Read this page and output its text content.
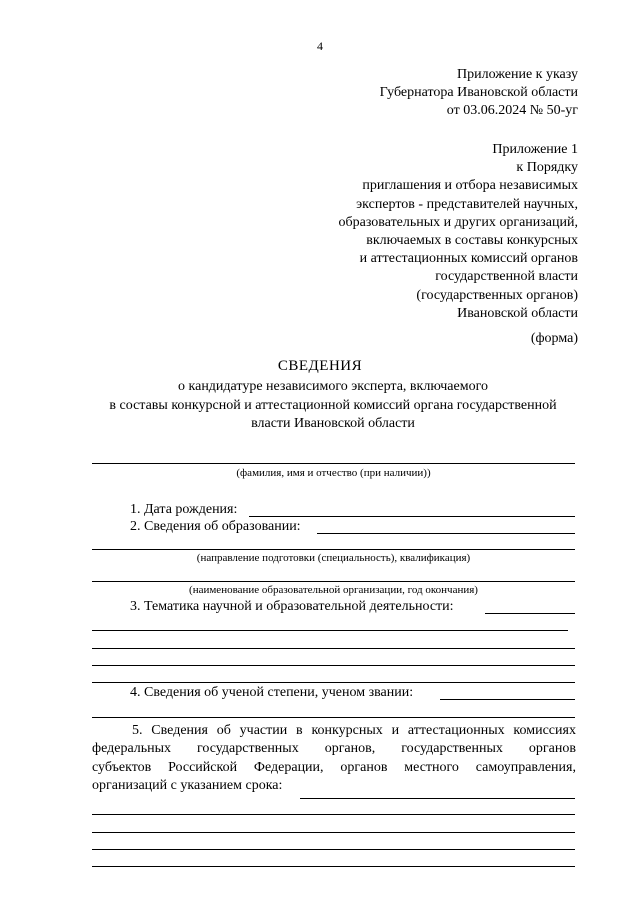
4
Приложение к указу
Губернатора Ивановской области
от 03.06.2024 № 50-уг
Приложение 1
к Порядку
приглашения и отбора независимых
экспертов - представителей научных,
образовательных и других организаций,
включаемых в составы конкурсных
и аттестационных комиссий органов
государственной власти
(государственных органов)
Ивановской области
(форма)
СВЕДЕНИЯ
о кандидатуре независимого эксперта, включаемого
в составы конкурсной и аттестационной комиссий органа государственной
власти Ивановской области
(фамилия, имя и отчество (при наличии))
1. Дата рождения:
2. Сведения об образовании:
(направление подготовки (специальность), квалификация)
(наименование образовательной организации, год окончания)
3. Тематика научной и образовательной деятельности:
4. Сведения об ученой степени, ученом звании:
5. Сведения об участии в конкурсных и аттестационных комиссиях
федеральных государственных органов, государственных органов
субъектов Российской Федерации, органов местного самоуправления,
организаций с указанием срока:
